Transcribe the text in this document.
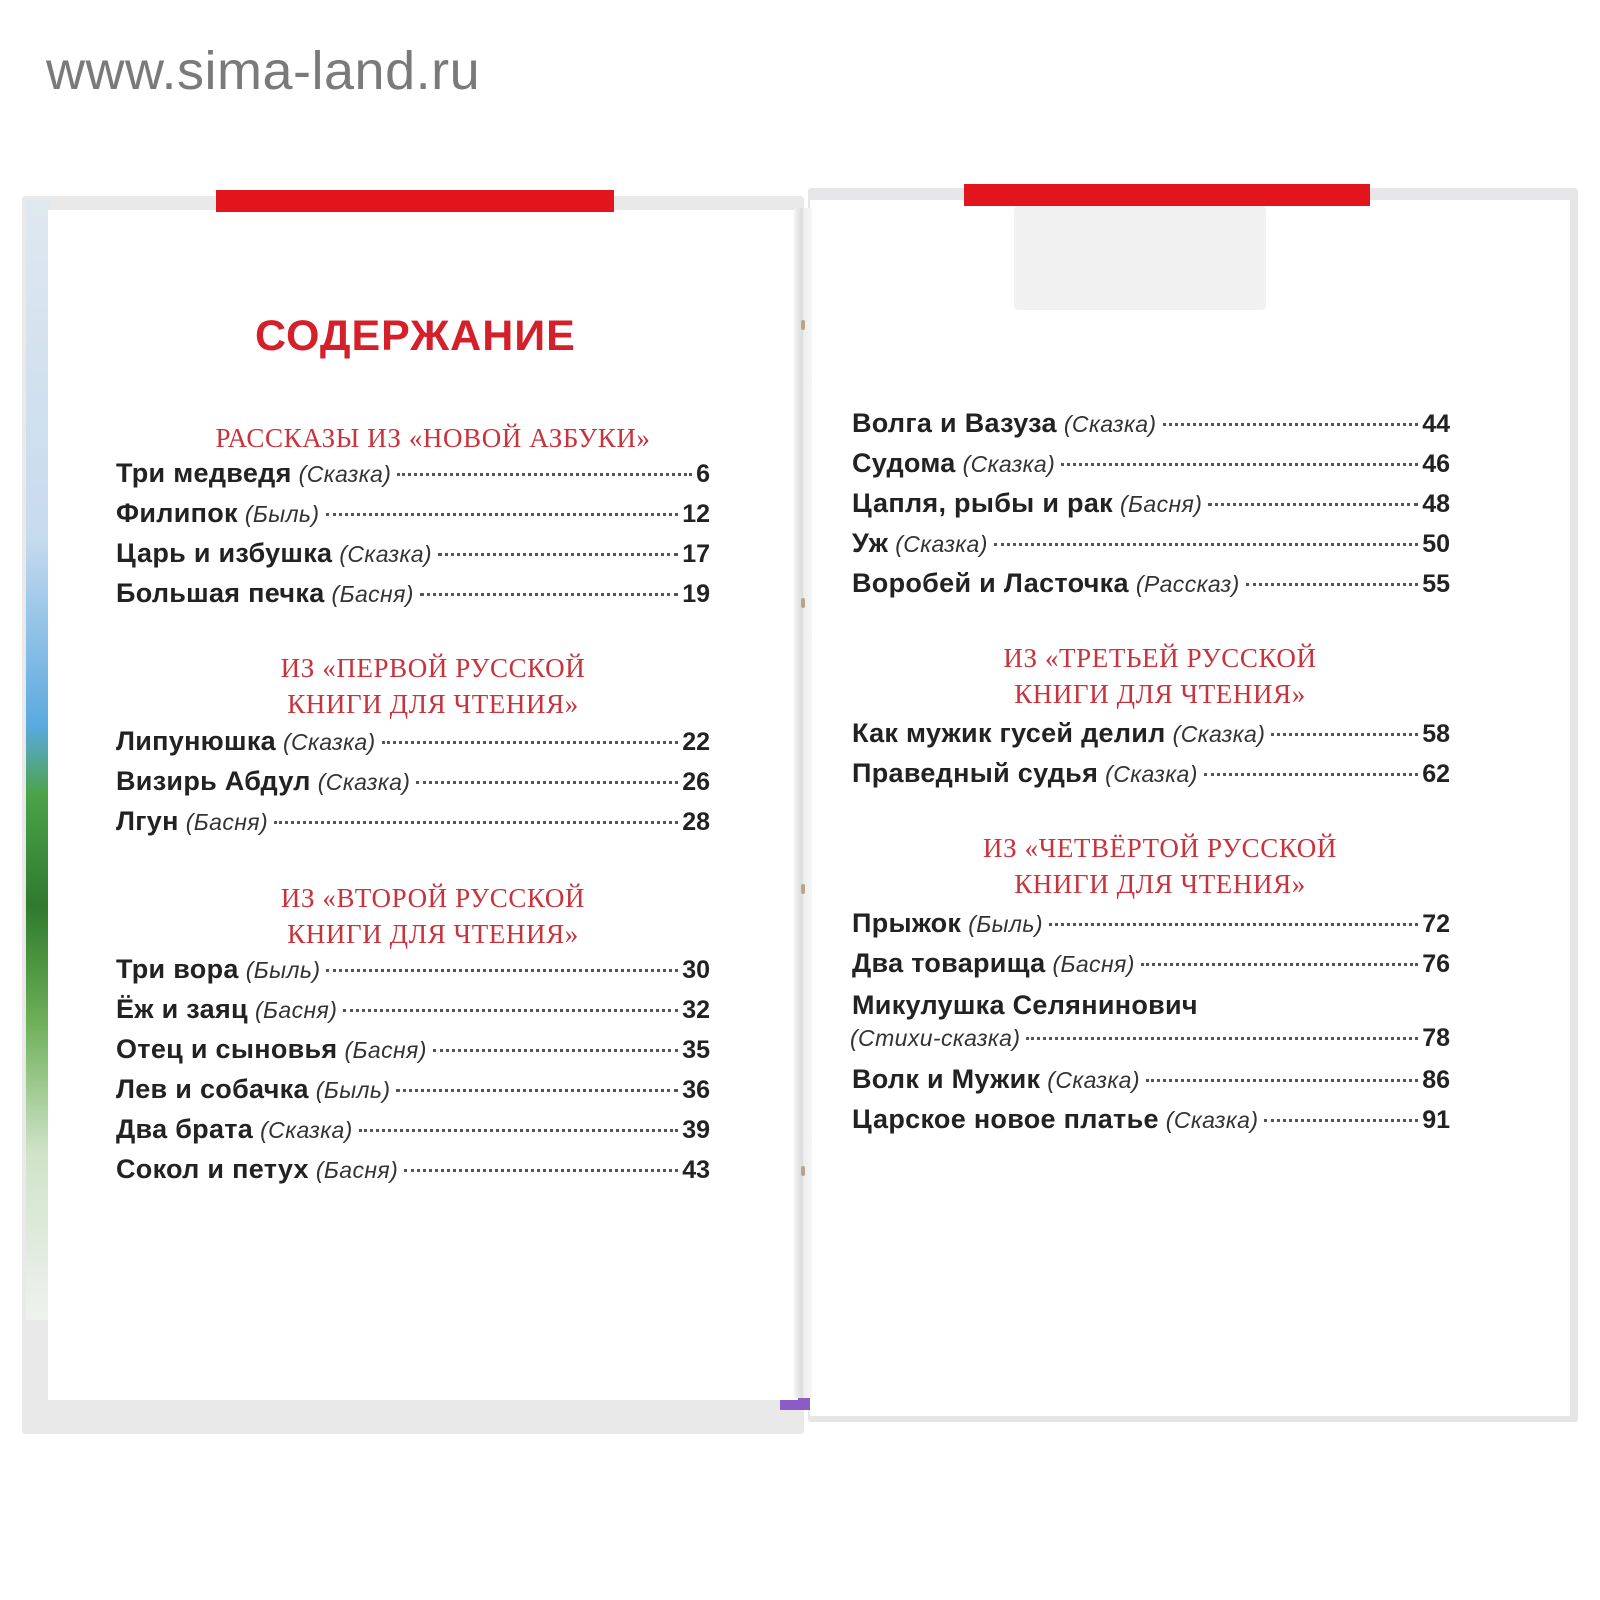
www.sima-land.ru
СОДЕРЖАНИЕ
РАССКАЗЫ ИЗ «НОВОЙ АЗБУКИ»
Три медведя (Сказка)	6
Филипок (Быль)	12
Царь и избушка (Сказка)	17
Большая печка (Басня)	19
ИЗ «ПЕРВОЙ РУССКОЙ
КНИГИ ДЛЯ ЧТЕНИЯ»
Липунюшка (Сказка)	22
Визирь Абдул (Сказка)	26
Лгун (Басня)	28
ИЗ «ВТОРОЙ РУССКОЙ
КНИГИ ДЛЯ ЧТЕНИЯ»
Три вора (Быль)	30
Ёж и заяц (Басня)	32
Отец и сыновья (Басня)	35
Лев и собачка (Быль)	36
Два брата (Сказка)	39
Сокол и петух (Басня)	43
Волга и Вазуза (Сказка)	44
Судома (Сказка)	46
Цапля, рыбы и рак (Басня)	48
Уж (Сказка)	50
Воробей и Ласточка (Рассказ)	55
ИЗ «ТРЕТЬЕЙ РУССКОЙ
КНИГИ ДЛЯ ЧТЕНИЯ»
Как мужик гусей делил (Сказка)	58
Праведный судья (Сказка)	62
ИЗ «ЧЕТВЁРТОЙ РУССКОЙ
КНИГИ ДЛЯ ЧТЕНИЯ»
Прыжок (Быль)	72
Два товарища (Басня)	76
Микулушка Селянинович
(Стихи-сказка)	78
Волк и Мужик (Сказка)	86
Царское новое платье (Сказка)	91
